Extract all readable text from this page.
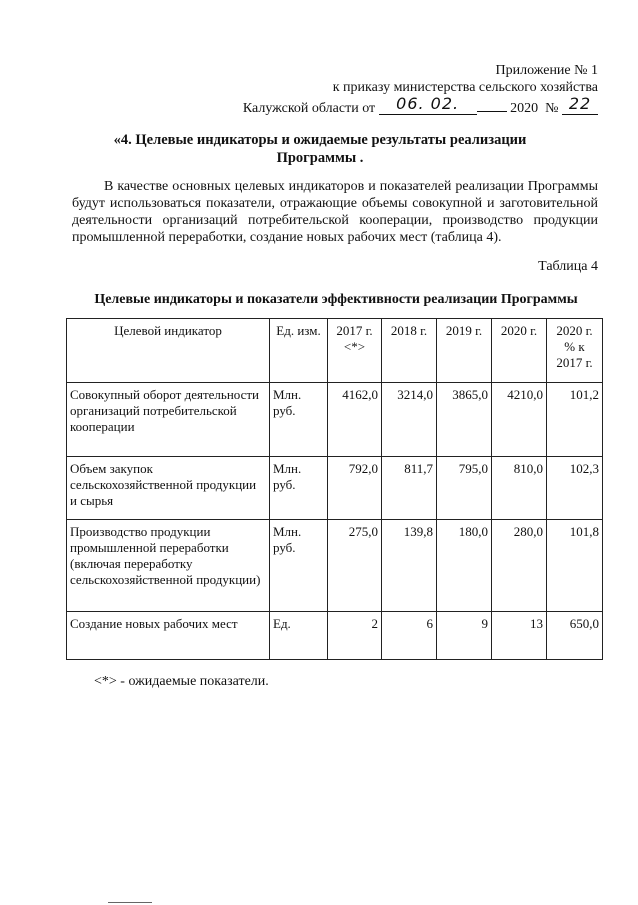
Приложение № 1
к приказу министерства сельского хозяйства
Калужской области от 06. 02.	2020 № 22
«4. Целевые индикаторы и ожидаемые результаты реализации
Программы .
В качестве основных целевых индикаторов и показателей реализации Программы будут использоваться показатели, отражающие объемы совокупной и заготовительной деятельности организаций потребительской кооперации, производство продукции промышленной переработки, создание новых рабочих мест (таблица 4).
Таблица 4
Целевые индикаторы и показатели эффективности реализации Программы
Целевой индикатор	Ед. изм.	2017 г. <*>	2018 г.	2019 г.	2020 г.	2020 г. % к 2017 г.
Совокупный оборот деятельности организаций потребительской кооперации	Млн. руб.	4162,0	3214,0	3865,0	4210,0	101,2
Объем закупок сельскохозяйственной продукции и сырья	Млн. руб.	792,0	811,7	795,0	810,0	102,3
Производство продукции промышленной переработки (включая переработку сельскохозяйственной продукции)	Млн. руб.	275,0	139,8	180,0	280,0	101,8
Создание новых рабочих мест	Ед.	2	6	9	13	650,0
<*> - ожидаемые показатели.
